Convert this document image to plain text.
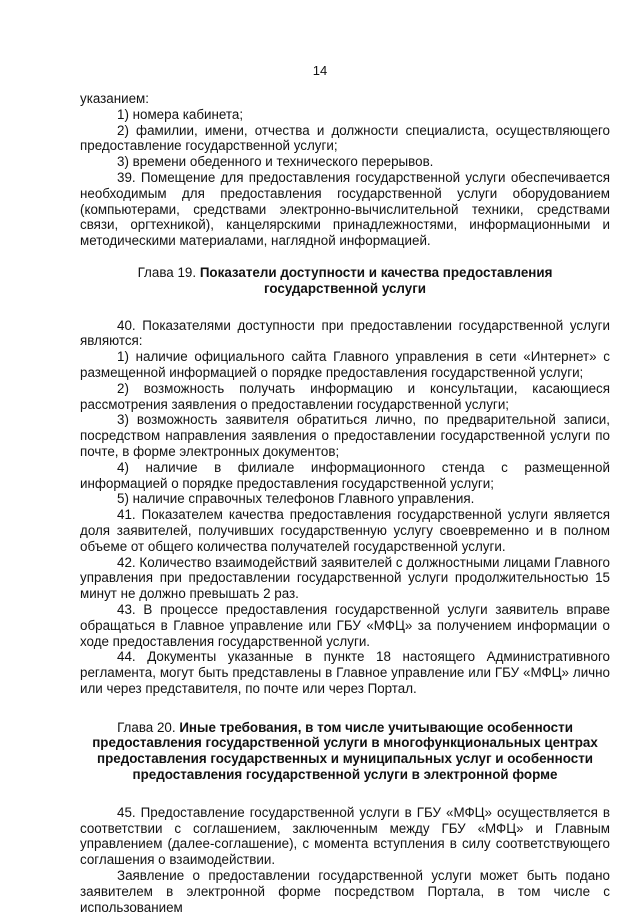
14

указанием:

1) номера кабинета;

2) фамилии, имени, отчества и должности специалиста, осуществляющего предоставление государственной услуги;

3) времени обеденного и технического перерывов.

39. Помещение для предоставления государственной услуги обеспечивается необходимым для предоставления государственной услуги оборудованием (компьютерами, средствами электронно-вычислительной техники, средствами связи, оргтехникой), канцелярскими принадлежностями, информационными и методическими материалами, наглядной информацией.

Глава 19. Показатели доступности и качества предоставления государственной услуги

40. Показателями доступности при предоставлении государственной услуги являются:

1) наличие официального сайта Главного управления в сети «Интернет» с размещенной информацией о порядке предоставления государственной услуги;

2) возможность получать информацию и консультации, касающиеся рассмотрения заявления о предоставлении государственной услуги;

3) возможность заявителя обратиться лично, по предварительной записи, посредством направления заявления о предоставлении государственной услуги по почте, в форме электронных документов;

4) наличие в филиале информационного стенда с размещенной информацией о порядке предоставления государственной услуги;

5) наличие справочных телефонов Главного управления.

41. Показателем качества предоставления государственной услуги является доля заявителей, получивших государственную услугу своевременно и в полном объеме от общего количества получателей государственной услуги.

42. Количество взаимодействий заявителей с должностными лицами Главного управления при предоставлении государственной услуги продолжительностью 15 минут не должно превышать 2 раз.

43. В процессе предоставления государственной услуги заявитель вправе обращаться в Главное управление или ГБУ «МФЦ» за получением информации о ходе предоставления государственной услуги.

44. Документы указанные в пункте 18 настоящего Административного регламента, могут быть представлены в Главное управление или ГБУ «МФЦ» лично или через представителя, по почте или через Портал.

Глава 20. Иные требования, в том числе учитывающие особенности предоставления государственной услуги в многофункциональных центрах предоставления государственных и муниципальных услуг и особенности предоставления государственной услуги в электронной форме

45. Предоставление государственной услуги в ГБУ «МФЦ» осуществляется в соответствии с соглашением, заключенным между ГБУ «МФЦ» и Главным управлением (далее-соглашение), с момента вступления в силу соответствующего соглашения о взаимодействии.

Заявление о предоставлении государственной услуги может быть подано заявителем в электронной форме посредством Портала, в том числе с использованием
